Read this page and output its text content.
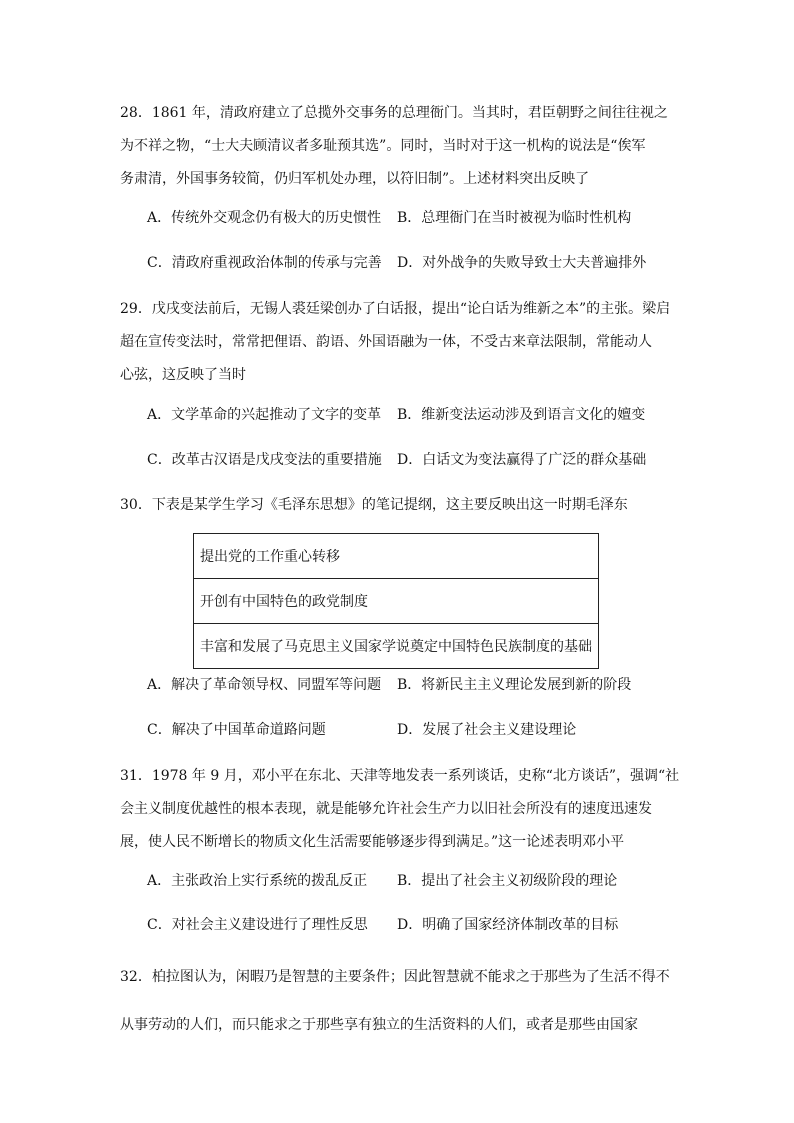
28．1861 年，清政府建立了总揽外交事务的总理衙门。当其时，君臣朝野之间往往视之
为不祥之物，“士大夫顾清议者多耻预其选”。同时，当时对于这一机构的说法是“俟军
务肃清，外国事务较简，仍归军机处办理，以符旧制”。上述材料突出反映了
A．传统外交观念仍有极大的历史惯性 B．总理衙门在当时被视为临时性机构
C．清政府重视政治体制的传承与完善 D．对外战争的失败导致士大夫普遍排外
29．戊戌变法前后，无锡人裘廷梁创办了白话报，提出“论白话为维新之本”的主张。梁启
超在宣传变法时，常常把俚语、韵语、外国语融为一体，不受古来章法限制，常能动人
心弦，这反映了当时
A．文学革命的兴起推动了文字的变革 B．维新变法运动涉及到语言文化的嬗变
C．改革古汉语是戊戌变法的重要措施 D．白话文为变法赢得了广泛的群众基础
30．下表是某学生学习《毛泽东思想》的笔记提纲，这主要反映出这一时期毛泽东
提出党的工作重心转移
开创有中国特色的政党制度
丰富和发展了马克思主义国家学说奠定中国特色民族制度的基础
A．解决了革命领导权、同盟军等问题 B．将新民主主义理论发展到新的阶段
C．解决了中国革命道路问题	D．发展了社会主义建设理论
31．1978 年 9 月，邓小平在东北、天津等地发表一系列谈话，史称“北方谈话”，强调“社
会主义制度优越性的根本表现，就是能够允许社会生产力以旧社会所没有的速度迅速发
展，使人民不断增长的物质文化生活需要能够逐步得到满足。”这一论述表明邓小平
A．主张政治上实行系统的拨乱反正 B．提出了社会主义初级阶段的理论
C．对社会主义建设进行了理性反思 D．明确了国家经济体制改革的目标
32．柏拉图认为，闲暇乃是智慧的主要条件；因此智慧就不能求之于那些为了生活不得不
从事劳动的人们，而只能求之于那些享有独立的生活资料的人们，或者是那些由国家
